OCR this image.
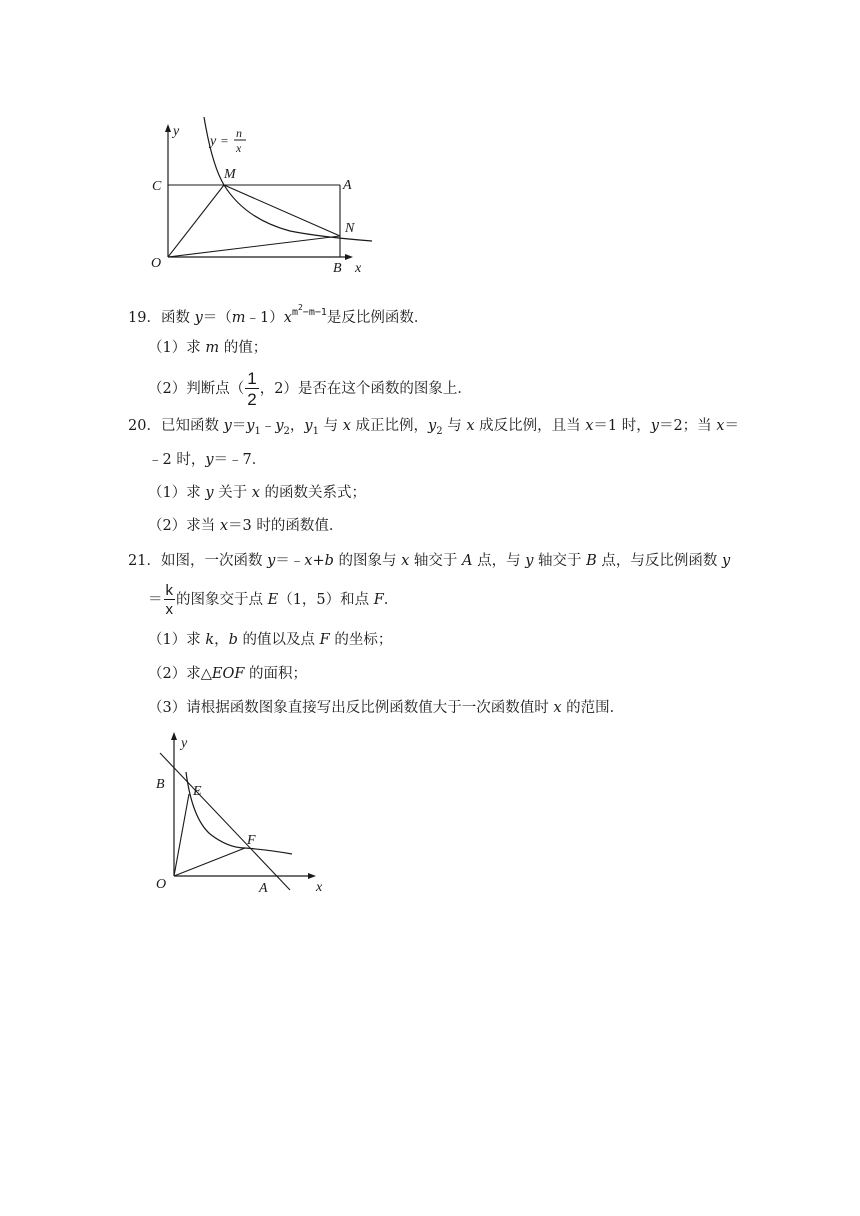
y = n
x
y
x
C
M
A
N
O	B
19．函数 $y=(m﹣1)x^{m^2-m-1}$是反比例函数．
（1）求 m 的值；
（2）判断点（ $\frac{1}{2}$ ，2）是否在这个函数的图象上．
20．已知函数 $y=y_1﹣y_2$，$y_1$ 与 x 成正比例，$y_2$ 与 x 成反比例，且当 x＝1 时，y＝2；当 x＝
﹣2 时，y＝﹣7．
（1）求 y 关于 x 的函数关系式；
（2）求当 x＝3 时的函数值．
21．如图，一次函数 y＝﹣x+b 的图象与 x 轴交于 A 点，与 y 轴交于 B 点，与反比例函数 y
＝ $\frac{k}{x}$ 的图象交于点 E（1，5）和点 F．
（1）求 k，b 的值以及点 F 的坐标；
（2）求△EOF 的面积；
（3）请根据函数图象直接写出反比例函数值大于一次函数值时 x 的范围．
y
x
B E
F
O	A
